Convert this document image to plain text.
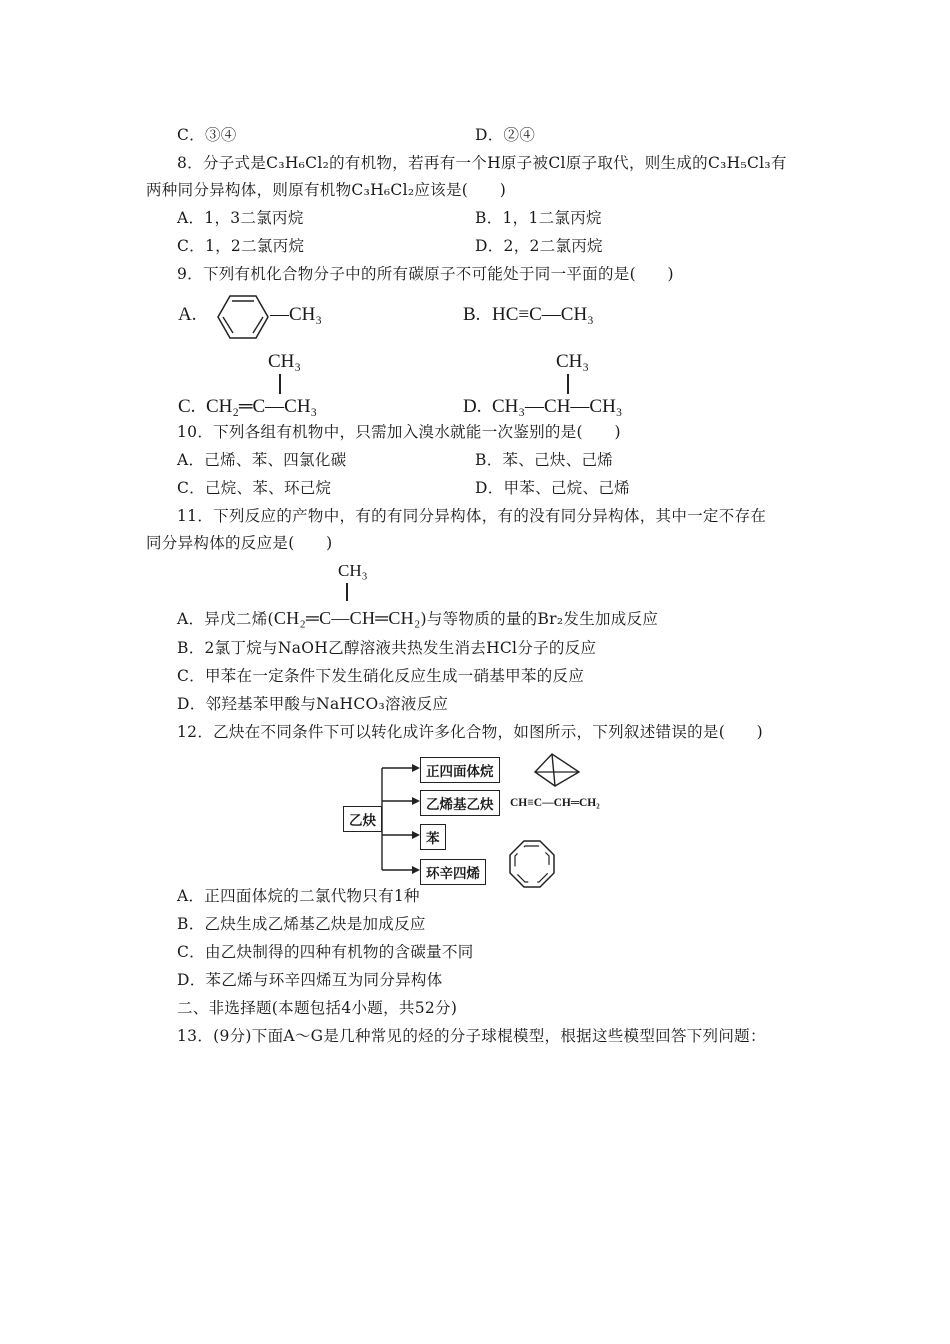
C．③④	D．②④
8．分子式是C₃H₆Cl₂的有机物，若再有一个H原子被Cl原子取代，则生成的C₃H₅Cl₃有
两种同分异构体，则原有机物C₃H₆Cl₂应该是(　　)
A．1，3二氯丙烷	B．1，1二氯丙烷
C．1，2二氯丙烷	D．2，2二氯丙烷
9．下列有机化合物分子中的所有碳原子不可能处于同一平面的是(　　)
A.	—CH₃	B. HC≡C—CH₃
CH₃
C. CH₂═C—CH₃
CH₃
D. CH₃—CH—CH₃
10．下列各组有机物中，只需加入溴水就能一次鉴别的是(　　)
A．己烯、苯、四氯化碳	B．苯、己炔、己烯
C．己烷、苯、环己烷	D．甲苯、己烷、己烯
11．下列反应的产物中，有的有同分异构体，有的没有同分异构体，其中一定不存在
同分异构体的反应是(　　)
CH₃
A．异戊二烯(CH₂═C—CH═CH₂)与等物质的量的Br₂发生加成反应
B．2氯丁烷与NaOH乙醇溶液共热发生消去HCl分子的反应
C．甲苯在一定条件下发生硝化反应生成一硝基甲苯的反应
D．邻羟基苯甲酸与NaHCO₃溶液反应
12．乙炔在不同条件下可以转化成许多化合物，如图所示，下列叙述错误的是(　　)
乙炔
正四面体烷
乙烯基乙炔
苯
环辛四烯
CH≡C—CH═CH₂
A．正四面体烷的二氯代物只有1种
B．乙炔生成乙烯基乙炔是加成反应
C．由乙炔制得的四种有机物的含碳量不同
D．苯乙烯与环辛四烯互为同分异构体
二、非选择题(本题包括4小题，共52分)
13．(9分)下面A～G是几种常见的烃的分子球棍模型，根据这些模型回答下列问题：
